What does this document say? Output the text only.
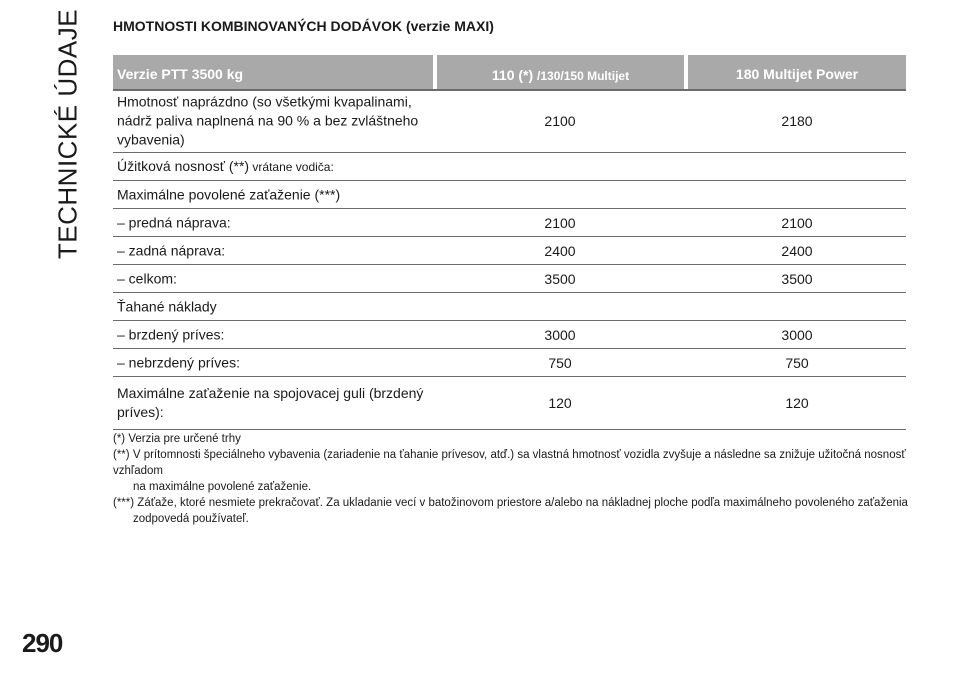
TECHNICKÉ ÚDAJE HMOTNOSTI KOMBINOVANÝCH DODÁVOK (verzie MAXI)
Verzie PTT 3500 kg	110 (*) /130/150 Multijet	180 Multijet Power
Hmotnosť naprázdno (so všetkými kvapalinami, nádrž paliva naplnená na 90 % a bez zvláštneho vybavenia)
2100	2180
Úžitková nosnosť (**) vrátane vodiča:
Maximálne povolené zaťaženie (***)
– predná náprava:	2100	2100
– zadná náprava:	2400	2400
– celkom:	3500	3500
Ťahané náklady
– brzdený príves:	3000	3000
– nebrzdený príves:	750	750
Maximálne zaťaženie na spojovacej guli (brzdený príves):
120	120
(*) Verzia pre určené trhy
(**) V prítomnosti špeciálneho vybavenia (zariadenie na ťahanie prívesov, atď.) sa vlastná hmotnosť vozidla zvyšuje a následne sa znižuje užitočná nosnosť vzhľadom
na maximálne povolené zaťaženie.
(***) Záťaže, ktoré nesmiete prekračovať. Za ukladanie vecí v batožinovom priestore a/alebo na nákladnej ploche podľa maximálneho povoleného zaťaženia
zodpovedá používateľ.
290
